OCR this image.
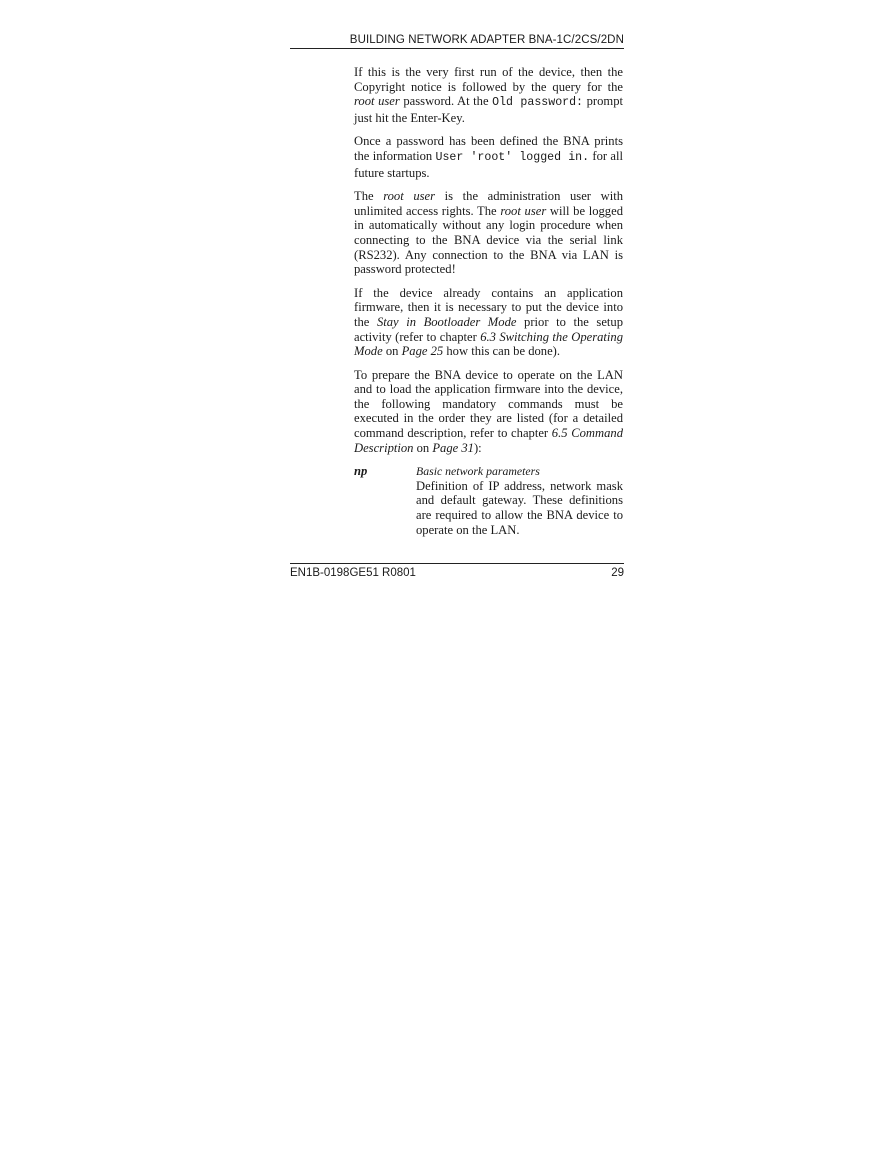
BUILDING NETWORK ADAPTER BNA-1C/2CS/2DN

If this is the very first run of the device, then the Copyright notice is followed by the query for the root user password. At the Old password: prompt just hit the Enter-Key.

Once a password has been defined the BNA prints the information User 'root' logged in. for all future startups.

The root user is the administration user with unlimited access rights. The root user will be logged in automatically without any login procedure when connecting to the BNA device via the serial link (RS232). Any connection to the BNA via LAN is password protected!

If the device already contains an application firmware, then it is necessary to put the device into the Stay in Bootloader Mode prior to the setup activity (refer to chapter 6.3 Switching the Operating Mode on Page 25 how this can be done).

To prepare the BNA device to operate on the LAN and to load the application firmware into the device, the following mandatory commands must be executed in the order they are listed (for a detailed command description, refer to chapter 6.5 Command Description on Page 31):

np	Basic network parameters
Definition of IP address, network mask and default gateway. These definitions are required to allow the BNA device to operate on the LAN.
EN1B-0198GE51 R0801	29
